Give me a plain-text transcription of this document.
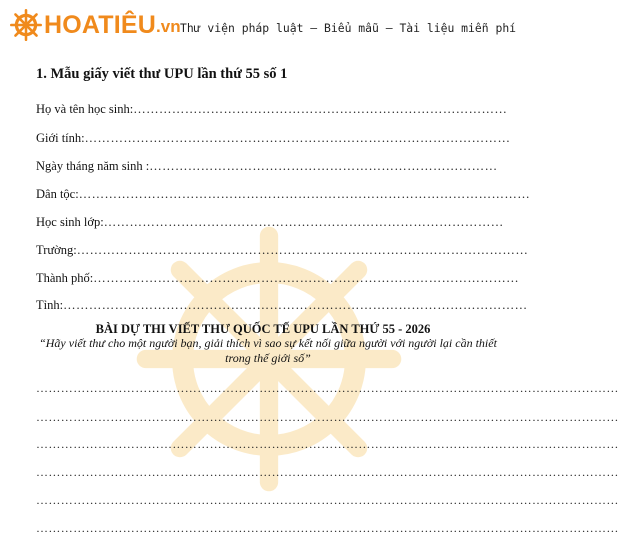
HOATIÊU .vn Thư viện pháp luật – Biểu mẫu – Tài liệu miễn phí
1. Mẫu giấy viết thư UPU lần thứ 55 số 1
Họ và tên học sinh: ……………………………………………………………………………
Giới tính: ………………………………………………………………………………………
Ngày tháng năm sinh : ………………………………………………………………………
Dân tộc: ……………………………………………………………………………………………
Học sinh lớp: …………………………………………………………………………………
Trường: ……………………………………………………………………………………………
Thành phố: ………………………………………………………………………………………
Tỉnh: ………………………………………………………………………………………………
BÀI DỰ THI VIẾT THƯ QUỐC TẾ UPU LẦN THỨ 55 - 2026
“Hãy viết thư cho một người bạn, giải thích vì sao sự kết nối giữa người với người lại cần thiết trong thế giới số”
……………………………………………………………………………………………………………………………
……………………………………………………………………………………………………………………………
……………………………………………………………………………………………………………………………
……………………………………………………………………………………………………………………………
……………………………………………………………………………………………………………………………
……………………………………………………………………………………………………………………………
